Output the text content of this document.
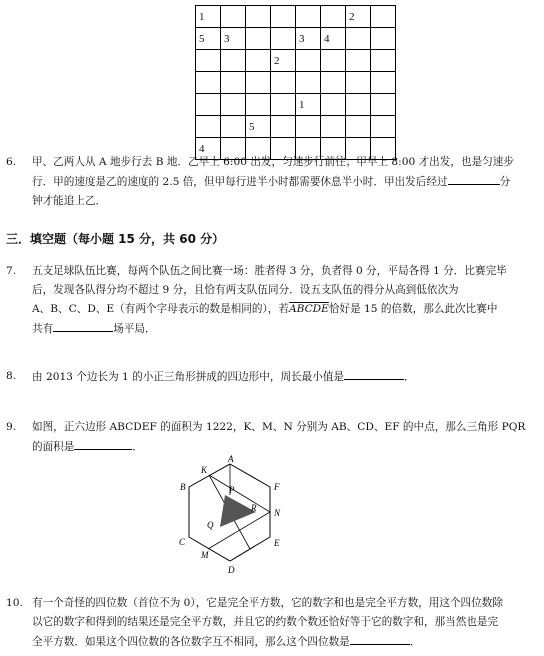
1						2	
5	3			3	4		
			2				

				1			
		5					
4							
6. 甲、乙两人从 A 地步行去 B 地．乙早上 6:00 出发，匀速步行前往；甲早上 8:00 才出发，也是匀速步
行．甲的速度是乙的速度的 2.5 倍，但甲每行进半小时都需要休息半小时．甲出发后经过	分
钟才能追上乙．
三．填空题（每小题 15 分，共 60 分）
7. 五支足球队伍比赛，每两个队伍之间比赛一场：胜者得 3 分，负者得 0 分，平局各得 1 分．比赛完毕
后，发现各队得分均不超过 9 分，且恰有两支队伍同分．设五支队伍的得分从高到低依次为
A、B、C、D、E（有两个字母表示的数是相同的），若ABCDE恰好是 15 的倍数，那么此次比赛中
共有	场平局．
8. 由 2013 个边长为 1 的小正三角形拼成的四边形中，周长最小值是	．
9. 如图，正六边形 ABCDEF 的面积为 1222，K、M、N 分别为 AB、CD、EF 的中点，那么三角形 PQR
的面积是	．
A
B
C
D
E
F
K
M
N
P
Q
R
10. 有一个奇怪的四位数（首位不为 0），它是完全平方数，它的数字和也是完全平方数，用这个四位数除
以它的数字和得到的结果还是完全平方数，并且它的约数个数还恰好等于它的数字和，那当然也是完
全平方数．如果这个四位数的各位数字互不相同，那么这个四位数是	．
